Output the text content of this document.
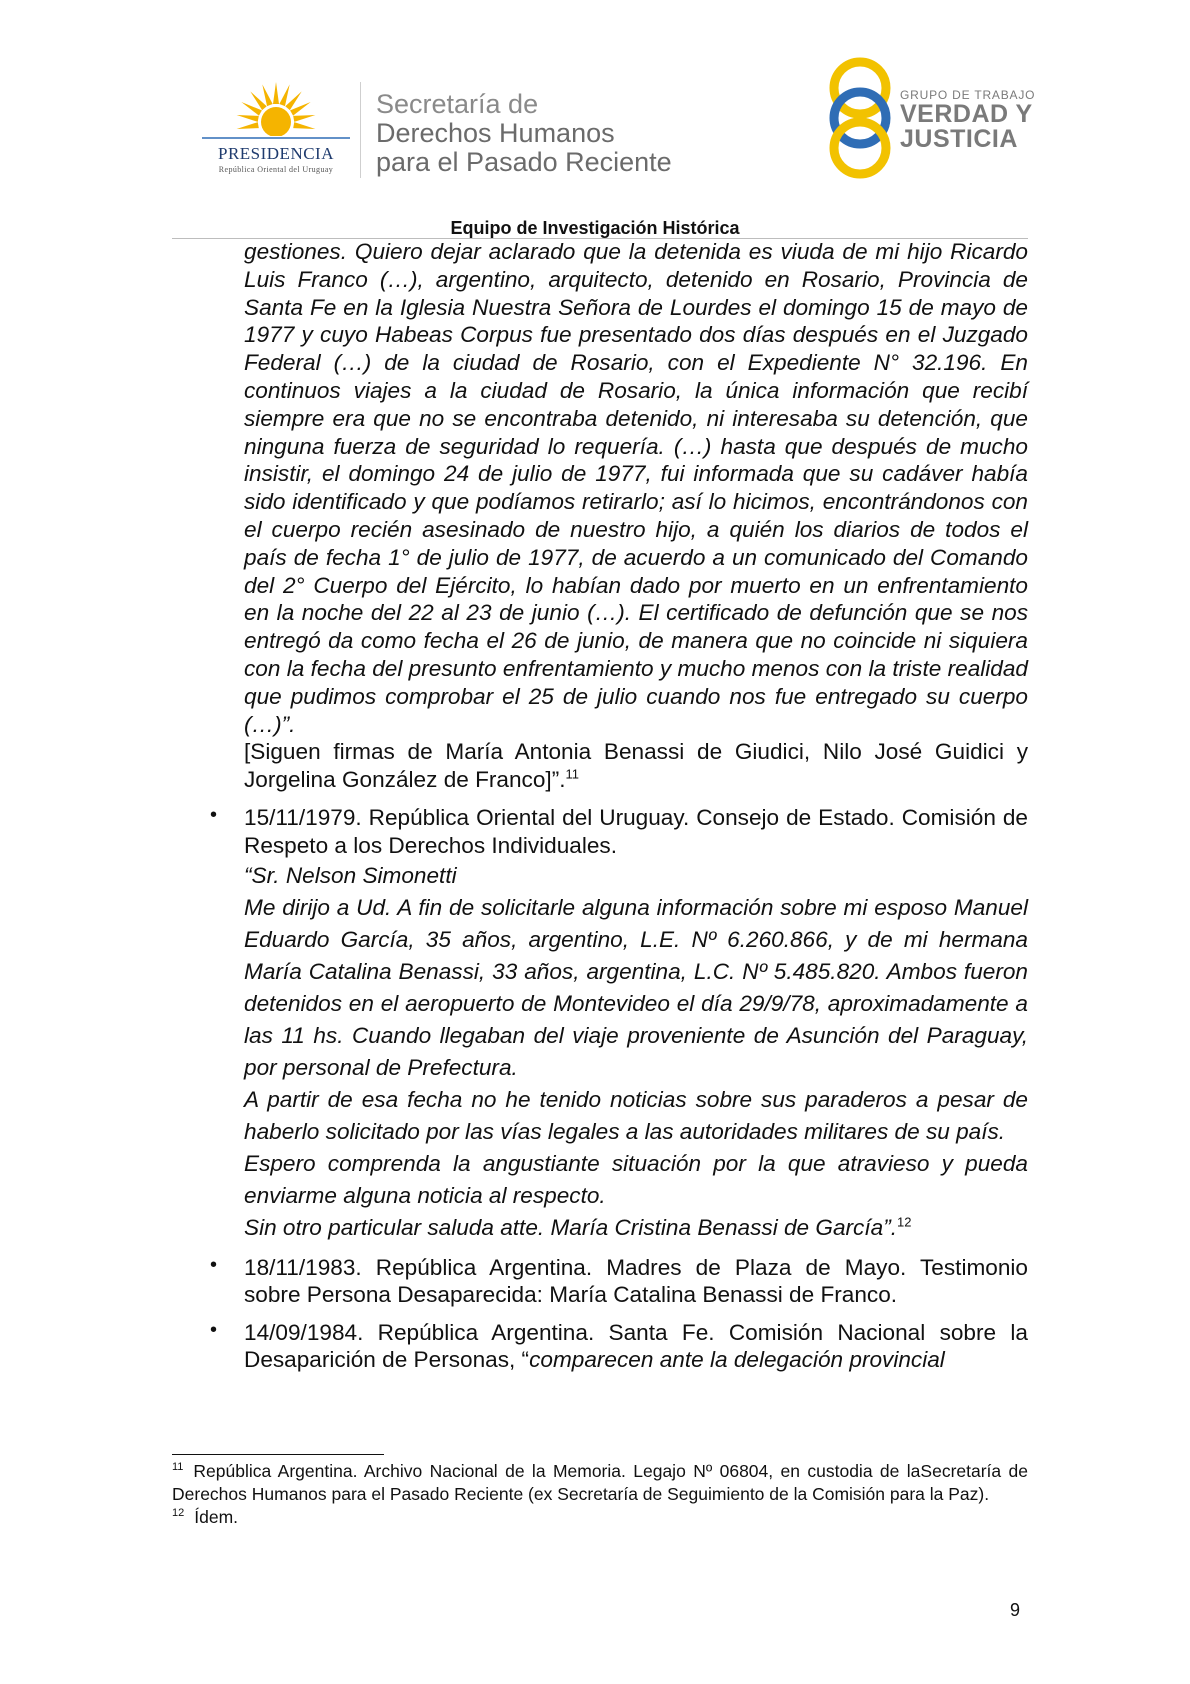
PRESIDENCIA
República Oriental del Uruguay
Secretaría de
Derechos Humanos
para el Pasado Reciente
GRUPO DE TRABAJO
VERDAD Y
JUSTICIA
Equipo de Investigación Histórica

gestiones. Quiero dejar aclarado que la detenida es viuda de mi hijo Ricardo Luis Franco (…), argentino, arquitecto, detenido en Rosario, Provincia de Santa Fe en la Iglesia Nuestra Señora de Lourdes el domingo 15 de mayo de 1977 y cuyo Habeas Corpus fue presentado dos días después en el Juzgado Federal (…) de la ciudad de Rosario, con el Expediente N° 32.196. En continuos viajes a la ciudad de Rosario, la única información que recibí siempre era que no se encontraba detenido, ni interesaba su detención, que ninguna fuerza de seguridad lo requería. (…) hasta que después de mucho insistir, el domingo 24 de julio de 1977, fui informada que su cadáver había sido identificado y que podíamos retirarlo; así lo hicimos, encontrándonos con el cuerpo recién asesinado de nuestro hijo, a quién los diarios de todos el país de fecha 1° de julio de 1977, de acuerdo a un comunicado del Comando del 2° Cuerpo del Ejército, lo habían dado por muerto en un enfrentamiento en la noche del 22 al 23 de junio (…). El certificado de defunción que se nos entregó da como fecha el 26 de junio, de manera que no coincide ni siquiera con la fecha del presunto enfrentamiento y mucho menos con la triste realidad que pudimos comprobar el 25 de julio cuando nos fue entregado su cuerpo (…)”.

[Siguen firmas de María Antonia Benassi de Giudici, Nilo José Guidici y Jorgelina González de Franco]”.$^{11}$

• 15/11/1979. República Oriental del Uruguay. Consejo de Estado. Comisión de Respeto a los Derechos Individuales.

“Sr. Nelson Simonetti

Me dirijo a Ud. A fin de solicitarle alguna información sobre mi esposo Manuel Eduardo García, 35 años, argentino, L.E. Nº 6.260.866, y de mi hermana María Catalina Benassi, 33 años, argentina, L.C. Nº 5.485.820. Ambos fueron detenidos en el aeropuerto de Montevideo el día 29/9/78, aproximadamente a las 11 hs. Cuando llegaban del viaje proveniente de Asunción del Paraguay, por personal de Prefectura.

A partir de esa fecha no he tenido noticias sobre sus paraderos a pesar de haberlo solicitado por las vías legales a las autoridades militares de su país.

Espero comprenda la angustiante situación por la que atravieso y pueda enviarme alguna noticia al respecto.

Sin otro particular saluda atte. María Cristina Benassi de García”.$^{12}$

• 18/11/1983. República Argentina. Madres de Plaza de Mayo. Testimonio sobre Persona Desaparecida: María Catalina Benassi de Franco.

• 14/09/1984. República Argentina. Santa Fe. Comisión Nacional sobre la Desaparición de Personas, “comparecen ante la delegación provincial

$^{11}$ República Argentina. Archivo Nacional de la Memoria. Legajo Nº 06804, en custodia de laSecretaría de Derechos Humanos para el Pasado Reciente (ex Secretaría de Seguimiento de la Comisión para la Paz).
$^{12}$ Ídem.
9
